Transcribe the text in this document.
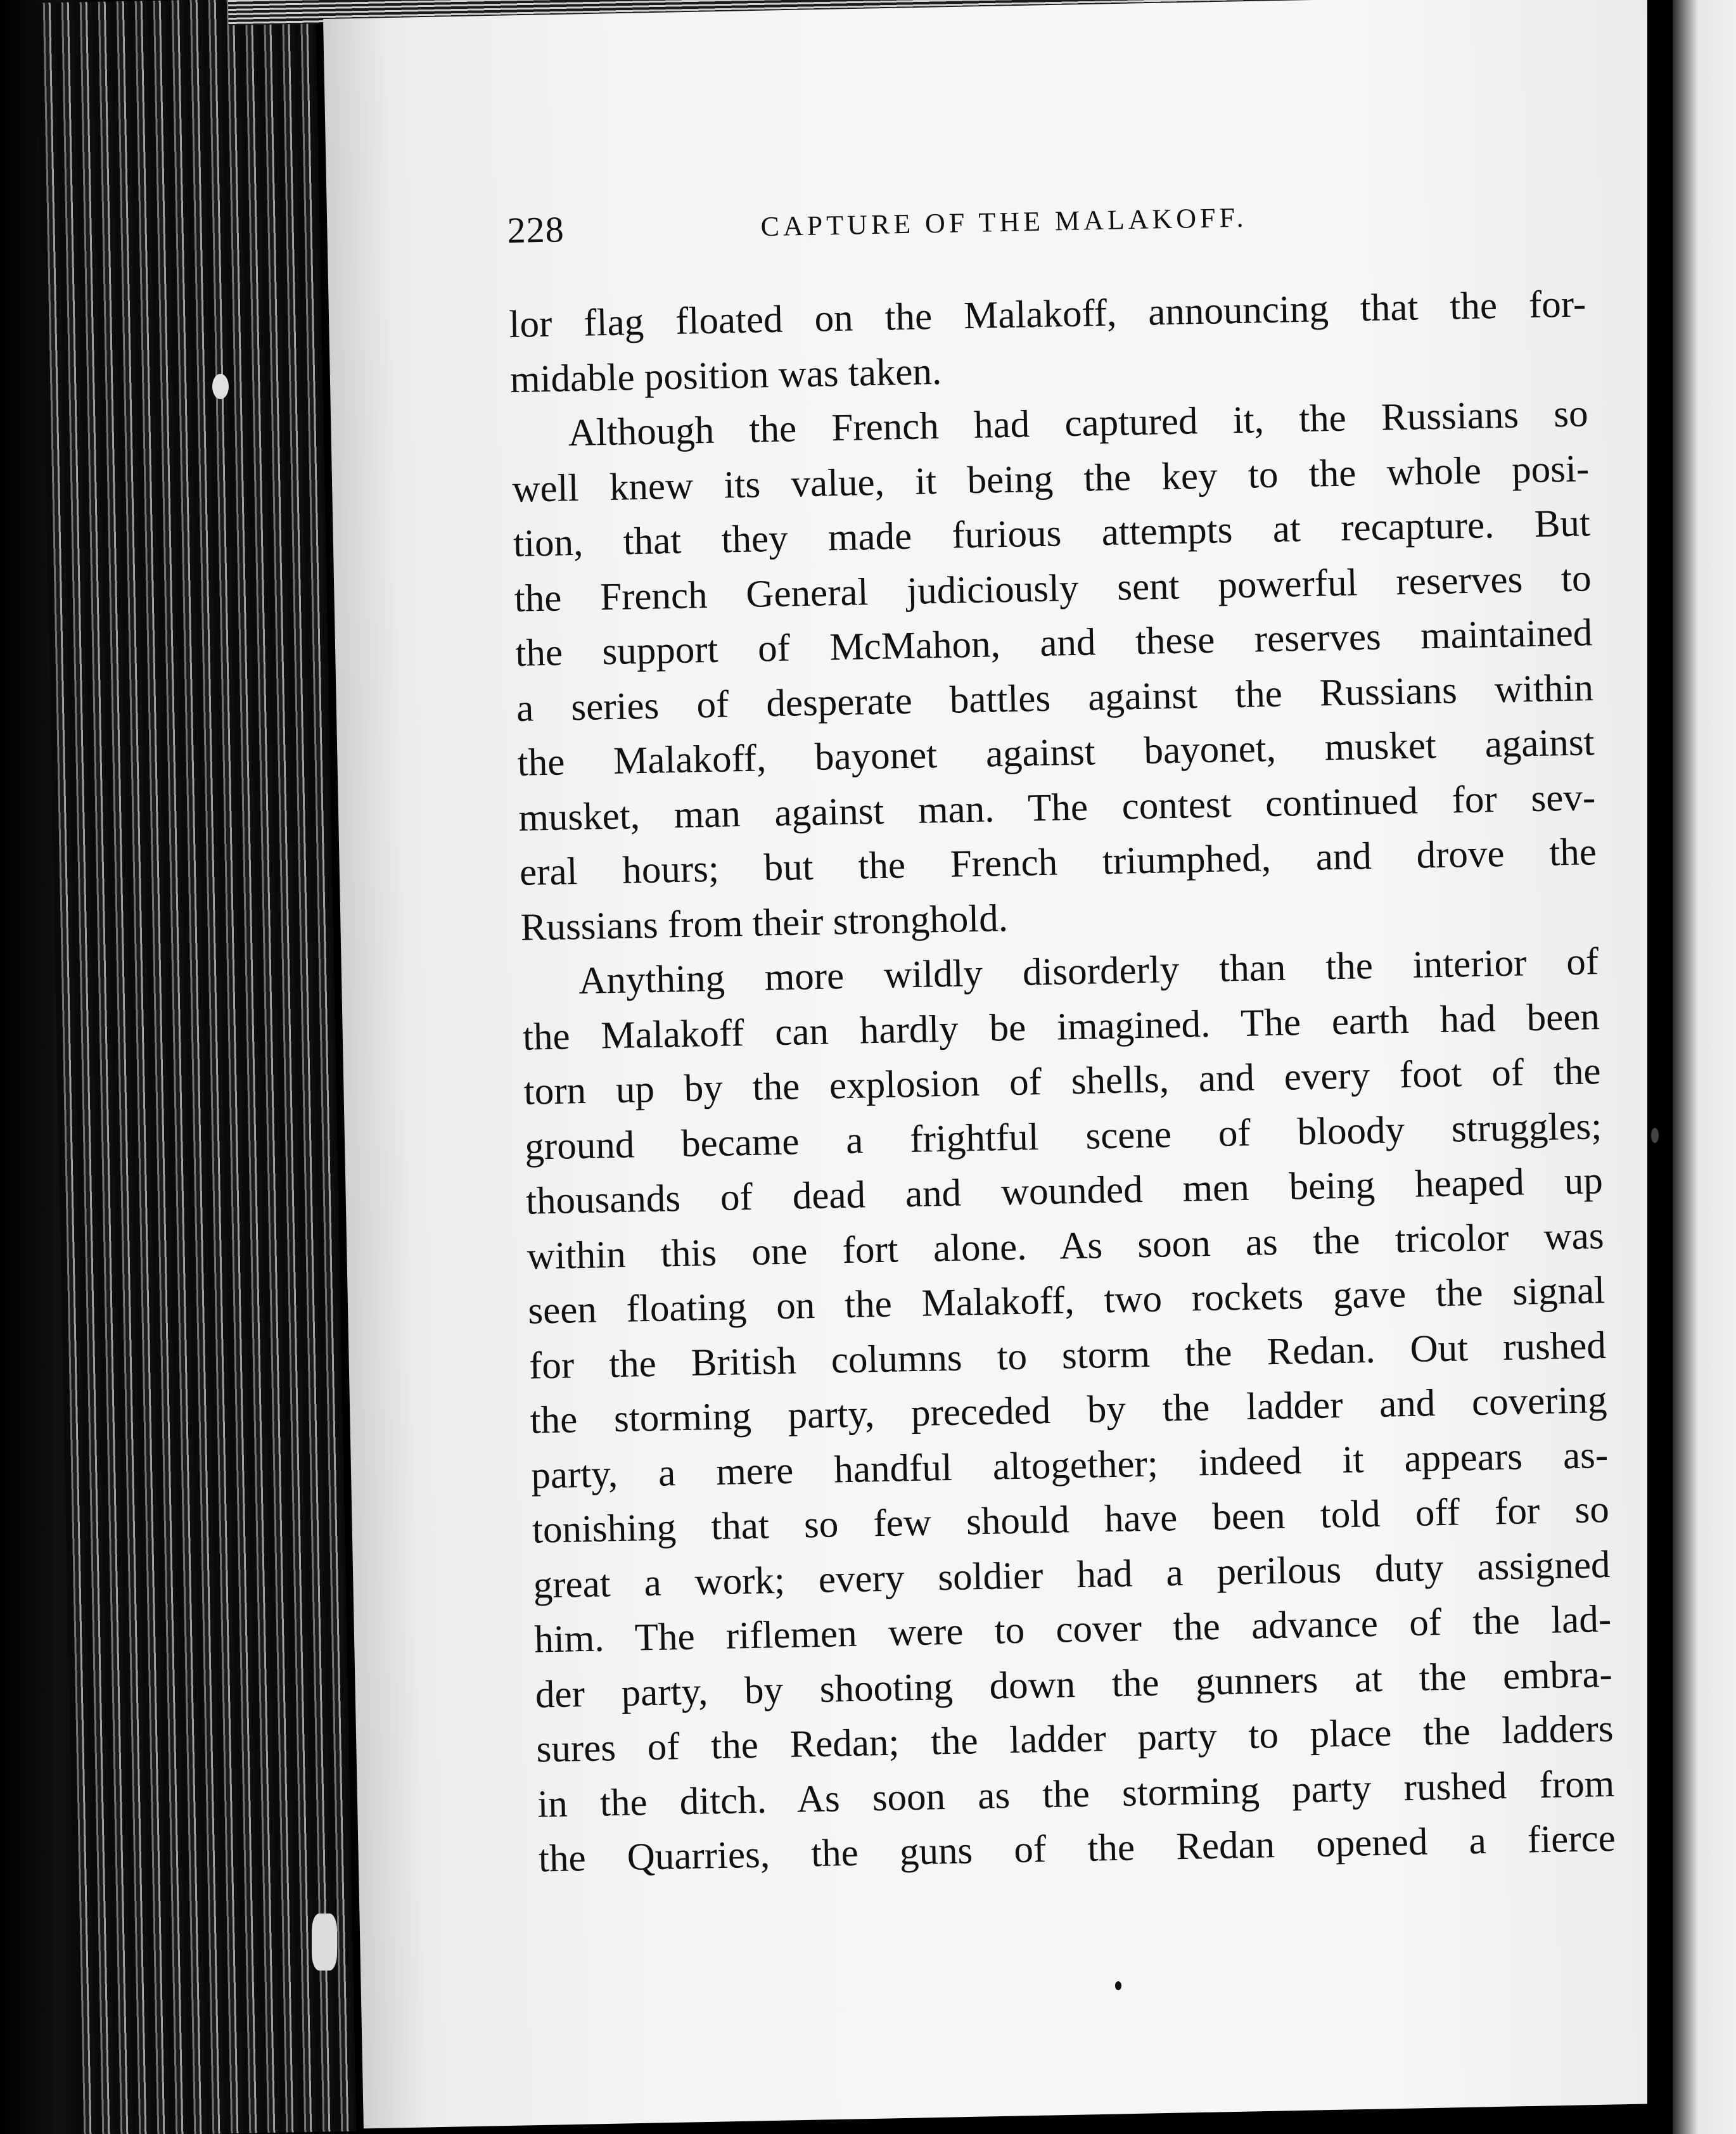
228	CAPTURE OF THE MALAKOFF.
lor flag floated on the Malakoff, announcing that the for-
midable position was taken.
Although the French had captured it, the Russians so
well knew its value, it being the key to the whole posi-
tion, that they made furious attempts at recapture. But
the French General judiciously sent powerful reserves to
the support of McMahon, and these reserves maintained
a series of desperate battles against the Russians within
the Malakoff, bayonet against bayonet, musket against
musket, man against man. The contest continued for sev-
eral hours; but the French triumphed, and drove the
Russians from their stronghold.
Anything more wildly disorderly than the interior of
the Malakoff can hardly be imagined. The earth had been
torn up by the explosion of shells, and every foot of the
ground became a frightful scene of bloody struggles;
thousands of dead and wounded men being heaped up
within this one fort alone. As soon as the tricolor was
seen floating on the Malakoff, two rockets gave the signal
for the British columns to storm the Redan. Out rushed
the storming party, preceded by the ladder and covering
party, a mere handful altogether; indeed it appears as-
tonishing that so few should have been told off for so
great a work; every soldier had a perilous duty assigned
him. The riflemen were to cover the advance of the lad-
der party, by shooting down the gunners at the embra-
sures of the Redan; the ladder party to place the ladders
in the ditch. As soon as the storming party rushed from
the Quarries, the guns of the Redan opened a fierce
